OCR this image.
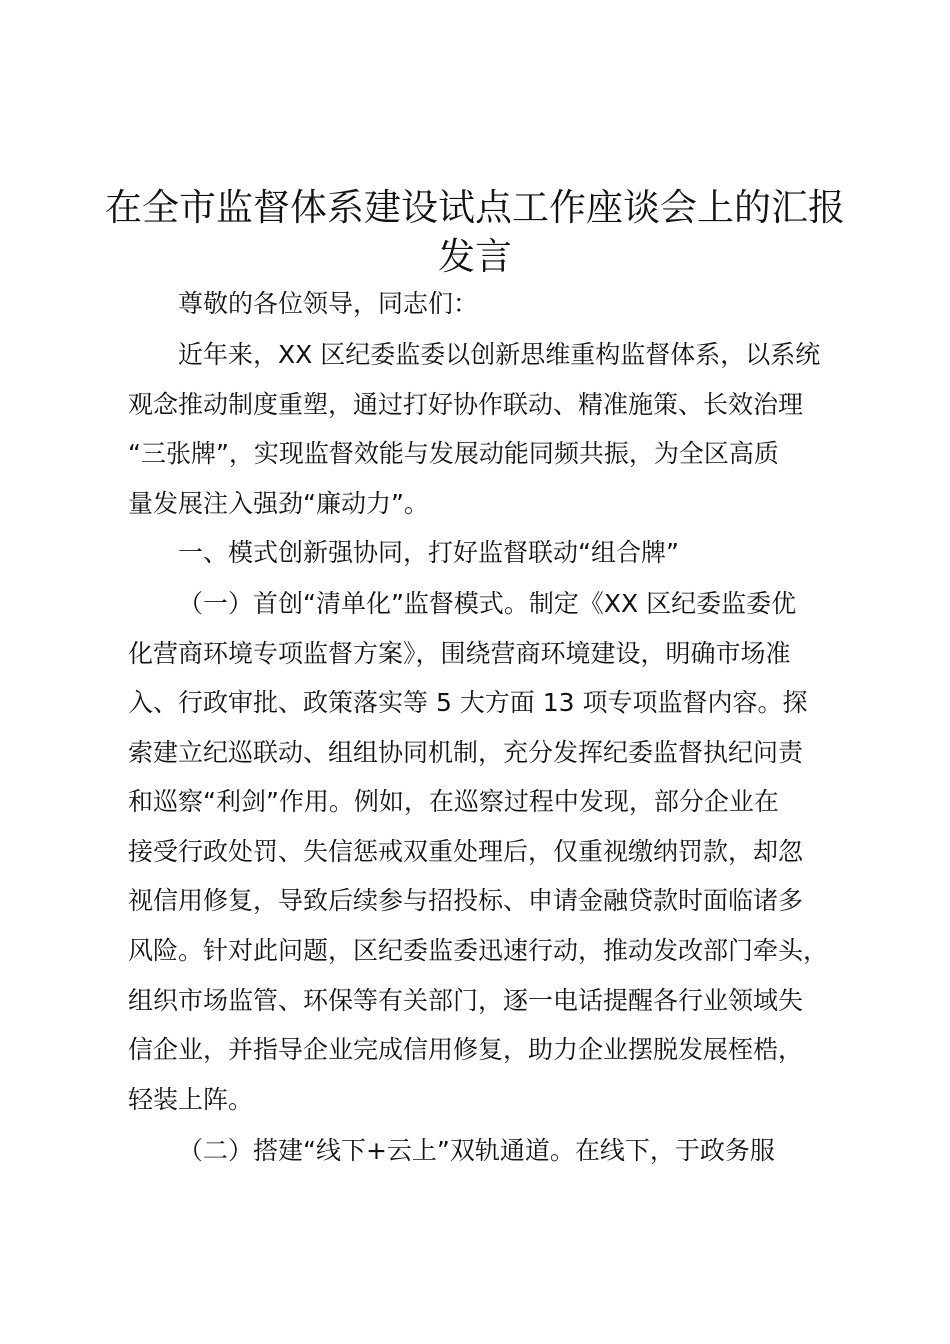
在全市监督体系建设试点工作座谈会上的汇报
发言

尊敬的各位领导，同志们：

近年来，XX 区纪委监委以创新思维重构监督体系，以系统

观念推动制度重塑，通过打好协作联动、精准施策、长效治理

“三张牌”，实现监督效能与发展动能同频共振，为全区高质

量发展注入强劲“廉动力”。

一、模式创新强协同，打好监督联动“组合牌”

（一）首创“清单化”监督模式。制定《XX 区纪委监委优

化营商环境专项监督方案》，围绕营商环境建设，明确市场准

入、行政审批、政策落实等 5 大方面 13 项专项监督内容。探

索建立纪巡联动、组组协同机制，充分发挥纪委监督执纪问责

和巡察“利剑”作用。例如，在巡察过程中发现，部分企业在

接受行政处罚、失信惩戒双重处理后，仅重视缴纳罚款，却忽

视信用修复，导致后续参与招投标、申请金融贷款时面临诸多

风险。针对此问题，区纪委监委迅速行动，推动发改部门牵头，

组织市场监管、环保等有关部门，逐一电话提醒各行业领域失

信企业，并指导企业完成信用修复，助力企业摆脱发展桎梏，

轻装上阵。

（二）搭建“线下+云上”双轨通道。在线下，于政务服
